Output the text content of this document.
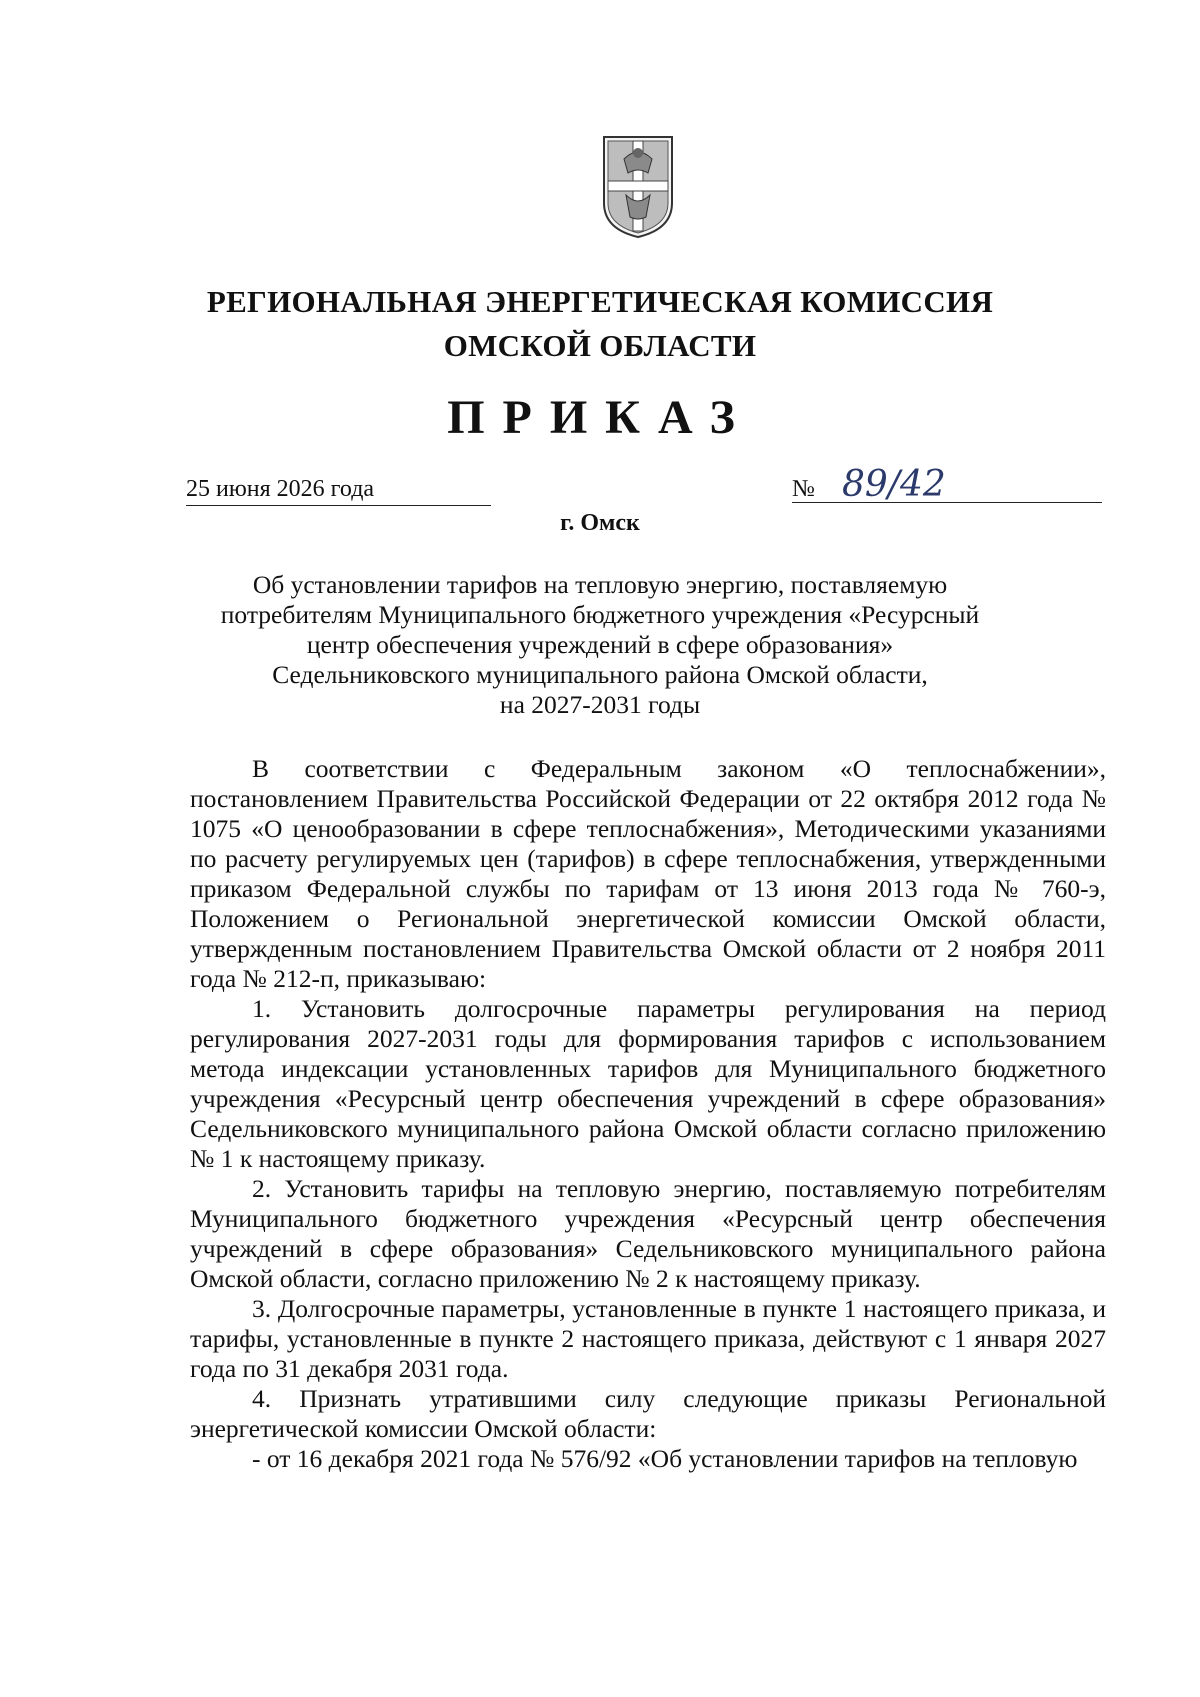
РЕГИОНАЛЬНАЯ ЭНЕРГЕТИЧЕСКАЯ КОМИССИЯ
ОМСКОЙ ОБЛАСТИ
ПРИКАЗ
25 июня 2026 года	№ 89/42
г. Омск
Об установлении тарифов на тепловую энергию, поставляемую
потребителям Муниципального бюджетного учреждения «Ресурсный
центр обеспечения учреждений в сфере образования»
Седельниковского муниципального района Омской области,
на 2027-2031 годы

В соответствии с Федеральным законом «О теплоснабжении», постановлением Правительства Российской Федерации от 22 октября 2012 года № 1075 «О ценообразовании в сфере теплоснабжения», Методическими указаниями по расчету регулируемых цен (тарифов) в сфере теплоснабжения, утвержденными приказом Федеральной службы по тарифам от 13 июня 2013 года № 760-э, Положением о Региональной энергетической комиссии Омской области, утвержденным постановлением Правительства Омской области от 2 ноября 2011 года № 212-п, приказываю:

1. Установить долгосрочные параметры регулирования на период регулирования 2027-2031 годы для формирования тарифов с использованием метода индексации установленных тарифов для Муниципального бюджетного учреждения «Ресурсный центр обеспечения учреждений в сфере образования» Седельниковского муниципального района Омской области согласно приложению № 1 к настоящему приказу.

2. Установить тарифы на тепловую энергию, поставляемую потребителям Муниципального бюджетного учреждения «Ресурсный центр обеспечения учреждений в сфере образования» Седельниковского муниципального района Омской области, согласно приложению № 2 к настоящему приказу.

3. Долгосрочные параметры, установленные в пункте 1 настоящего приказа, и тарифы, установленные в пункте 2 настоящего приказа, действуют с 1 января 2027 года по 31 декабря 2031 года.

4. Признать утратившими силу следующие приказы Региональной энергетической комиссии Омской области:

- от 16 декабря 2021 года № 576/92 «Об установлении тарифов на тепловую
